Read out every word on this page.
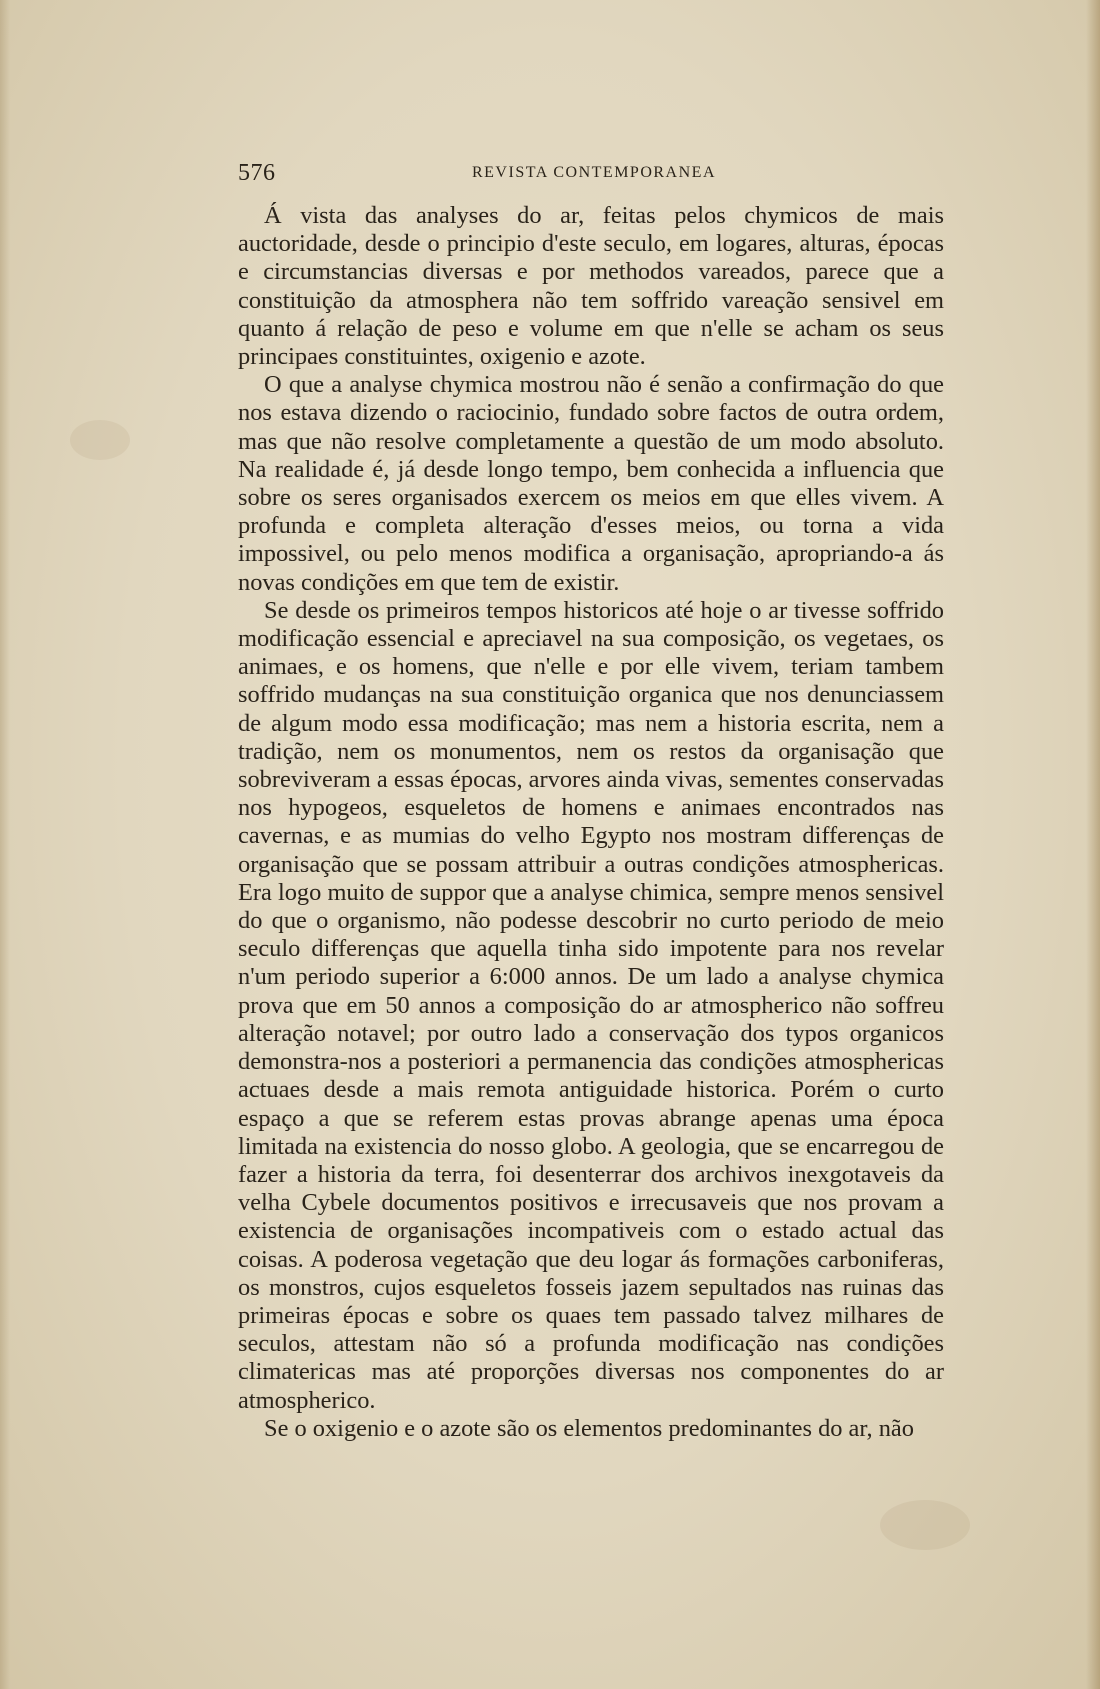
576	REVISTA CONTEMPORANEA

Á vista das analyses do ar, feitas pelos chymicos de mais auctoridade, desde o principio d'este seculo, em logares, alturas, épocas e circumstancias diversas e por methodos vareados, parece que a constituição da atmosphera não tem soffrido vareação sensivel em quanto á relação de peso e volume em que n'elle se acham os seus principaes constituintes, oxigenio e azote.

O que a analyse chymica mostrou não é senão a confirmação do que nos estava dizendo o raciocinio, fundado sobre factos de outra ordem, mas que não resolve completamente a questão de um modo absoluto. Na realidade é, já desde longo tempo, bem conhecida a influencia que sobre os seres organisados exercem os meios em que elles vivem. A profunda e completa alteração d'esses meios, ou torna a vida impossivel, ou pelo menos modifica a organisação, apropriando-a ás novas condições em que tem de existir.

Se desde os primeiros tempos historicos até hoje o ar tivesse soffrido modificação essencial e apreciavel na sua composição, os vegetaes, os animaes, e os homens, que n'elle e por elle vivem, teriam tambem soffrido mudanças na sua constituição organica que nos denunciassem de algum modo essa modificação; mas nem a historia escrita, nem a tradição, nem os monumentos, nem os restos da organisação que sobreviveram a essas épocas, arvores ainda vivas, sementes conservadas nos hypogeos, esqueletos de homens e animaes encontrados nas cavernas, e as mumias do velho Egypto nos mostram differenças de organisação que se possam attribuir a outras condições atmosphericas. Era logo muito de suppor que a analyse chimica, sempre menos sensivel do que o organismo, não podesse descobrir no curto periodo de meio seculo differenças que aquella tinha sido impotente para nos revelar n'um periodo superior a 6:000 annos. De um lado a analyse chymica prova que em 50 annos a composição do ar atmospherico não soffreu alteração notavel; por outro lado a conservação dos typos organicos demonstra-nos a posteriori a permanencia das condições atmosphericas actuaes desde a mais remota antiguidade historica. Porém o curto espaço a que se referem estas provas abrange apenas uma época limitada na existencia do nosso globo. A geologia, que se encarregou de fazer a historia da terra, foi desenterrar dos archivos inexgotaveis da velha Cybele documentos positivos e irrecusaveis que nos provam a existencia de organisações incompativeis com o estado actual das coisas. A poderosa vegetação que deu logar ás formações carboniferas, os monstros, cujos esqueletos fosseis jazem sepultados nas ruinas das primeiras épocas e sobre os quaes tem passado talvez milhares de seculos, attestam não só a profunda modificação nas condições climatericas mas até proporções diversas nos componentes do ar atmospherico.

Se o oxigenio e o azote são os elementos predominantes do ar, não
